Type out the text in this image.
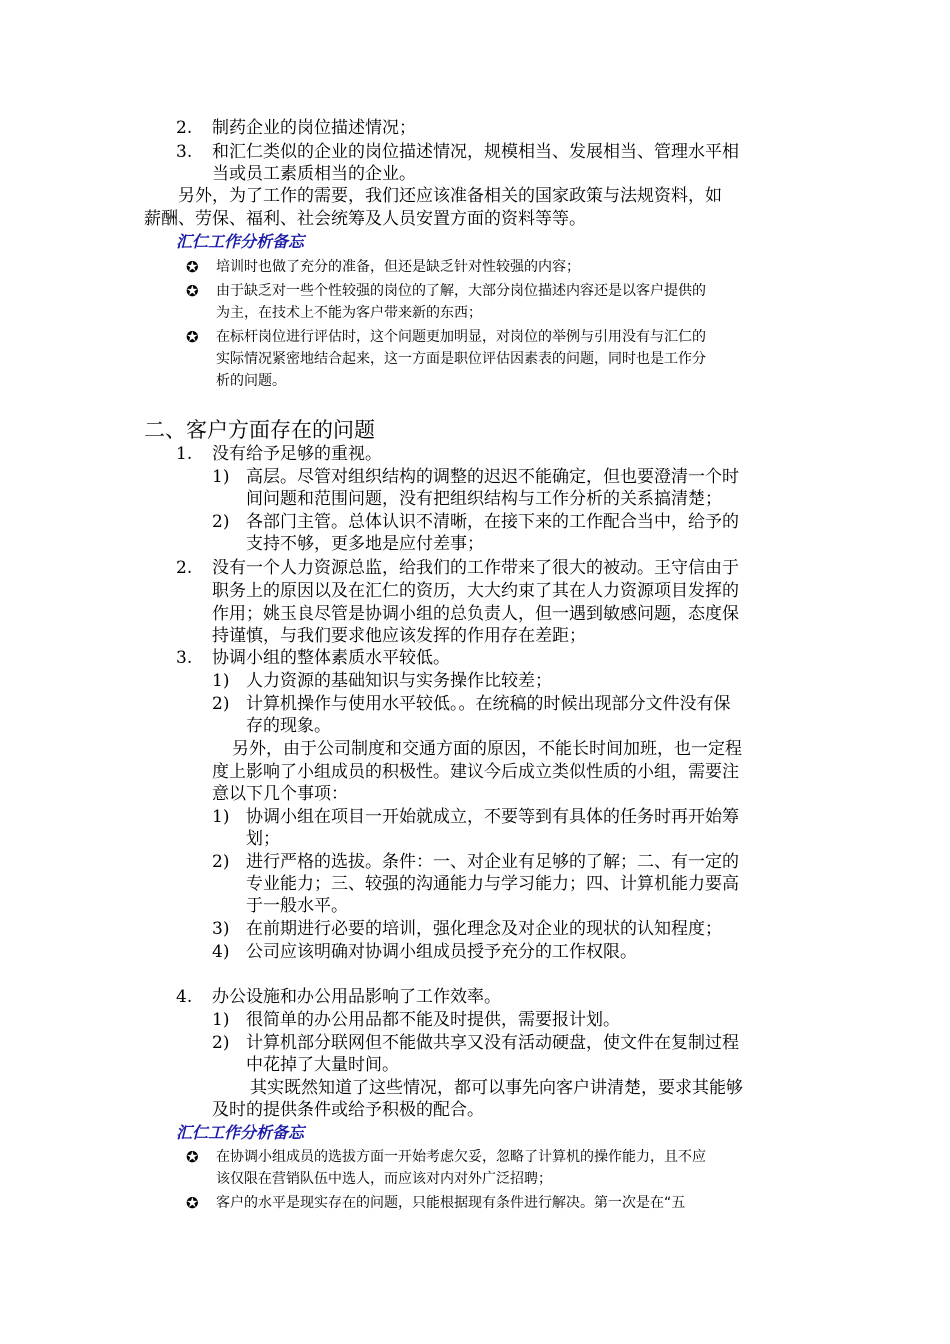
2. 制药企业的岗位描述情况；
3. 和汇仁类似的企业的岗位描述情况，规模相当、发展相当、管理水平相
当或员工素质相当的企业。
另外，为了工作的需要，我们还应该准备相关的国家政策与法规资料，如
薪酬、劳保、福利、社会统筹及人员安置方面的资料等等。
汇仁工作分析备忘
✪ 培训时也做了充分的准备，但还是缺乏针对性较强的内容；
✪ 由于缺乏对一些个性较强的岗位的了解，大部分岗位描述内容还是以客户提供的
为主，在技术上不能为客户带来新的东西；
✪ 在标杆岗位进行评估时，这个问题更加明显，对岗位的举例与引用没有与汇仁的
实际情况紧密地结合起来，这一方面是职位评估因素表的问题，同时也是工作分
析的问题。
二、客户方面存在的问题
1. 没有给予足够的重视。
1) 高层。尽管对组织结构的调整的迟迟不能确定，但也要澄清一个时
间问题和范围问题，没有把组织结构与工作分析的关系搞清楚；
2) 各部门主管。总体认识不清晰，在接下来的工作配合当中，给予的
支持不够，更多地是应付差事；
2. 没有一个人力资源总监，给我们的工作带来了很大的被动。王守信由于
职务上的原因以及在汇仁的资历，大大约束了其在人力资源项目发挥的
作用；姚玉良尽管是协调小组的总负责人，但一遇到敏感问题，态度保
持谨慎，与我们要求他应该发挥的作用存在差距；
3. 协调小组的整体素质水平较低。
1) 人力资源的基础知识与实务操作比较差；
2) 计算机操作与使用水平较低。。在统稿的时候出现部分文件没有保
存的现象。
另外，由于公司制度和交通方面的原因，不能长时间加班，也一定程
度上影响了小组成员的积极性。建议今后成立类似性质的小组，需要注
意以下几个事项：
1) 协调小组在项目一开始就成立，不要等到有具体的任务时再开始筹
划；
2) 进行严格的选拔。条件：一、对企业有足够的了解；二、有一定的
专业能力；三、较强的沟通能力与学习能力；四、计算机能力要高
于一般水平。
3) 在前期进行必要的培训，强化理念及对企业的现状的认知程度；
4) 公司应该明确对协调小组成员授予充分的工作权限。
4. 办公设施和办公用品影响了工作效率。
1) 很简单的办公用品都不能及时提供，需要报计划。
2) 计算机部分联网但不能做共享又没有活动硬盘，使文件在复制过程
中花掉了大量时间。
其实既然知道了这些情况，都可以事先向客户讲清楚，要求其能够
及时的提供条件或给予积极的配合。
汇仁工作分析备忘
✪ 在协调小组成员的选拔方面一开始考虑欠妥，忽略了计算机的操作能力，且不应
该仅限在营销队伍中选人，而应该对内对外广泛招聘；
✪ 客户的水平是现实存在的问题，只能根据现有条件进行解决。第一次是在“五
